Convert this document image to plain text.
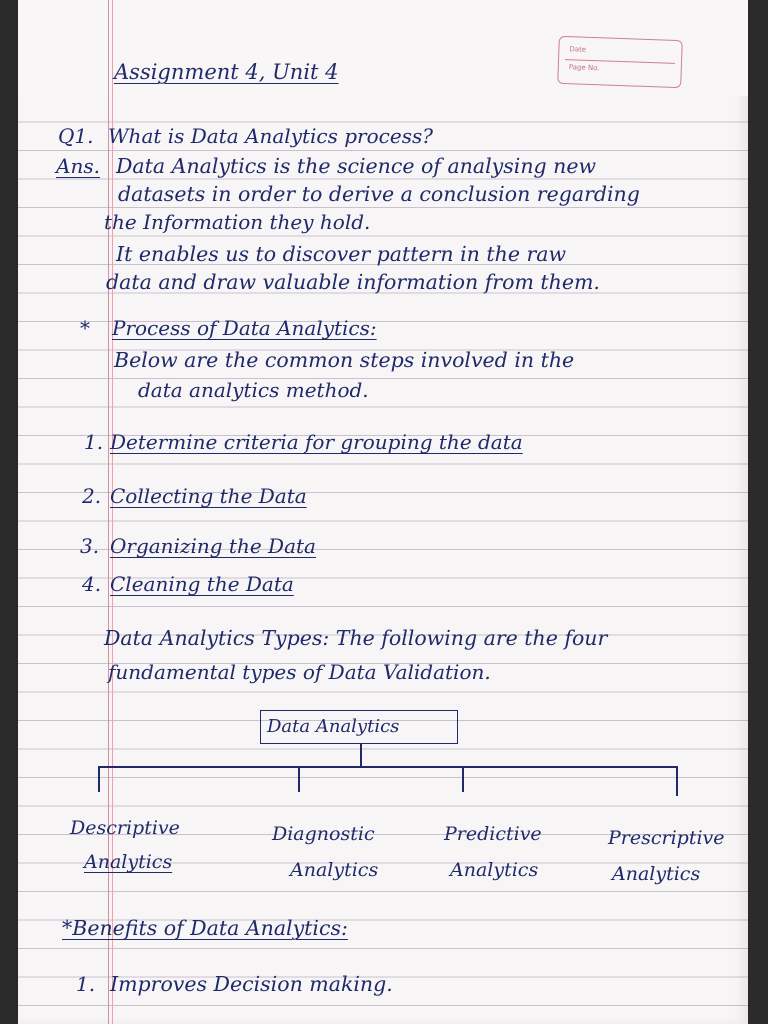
Date
Page No.
Assignment 4, Unit 4
Q1. What is Data Analytics process?
Ans. Data Analytics is the science of analysing new
datasets in order to derive a conclusion regarding
the Information they hold.
It enables us to discover pattern in the raw
data and draw valuable information from them.
* Process of Data Analytics:
Below are the common steps involved in the
data analytics method.
1. Determine criteria for grouping the data
2. Collecting the Data
3. Organizing the Data
4. Cleaning the Data
Data Analytics Types: The following are the four
fundamental types of Data Validation.
Data Analytics
Descriptive
Analytics
Diagnostic
Analytics
Predictive
Analytics
Prescriptive
Analytics
*Benefits of Data Analytics:
1. Improves Decision making.
